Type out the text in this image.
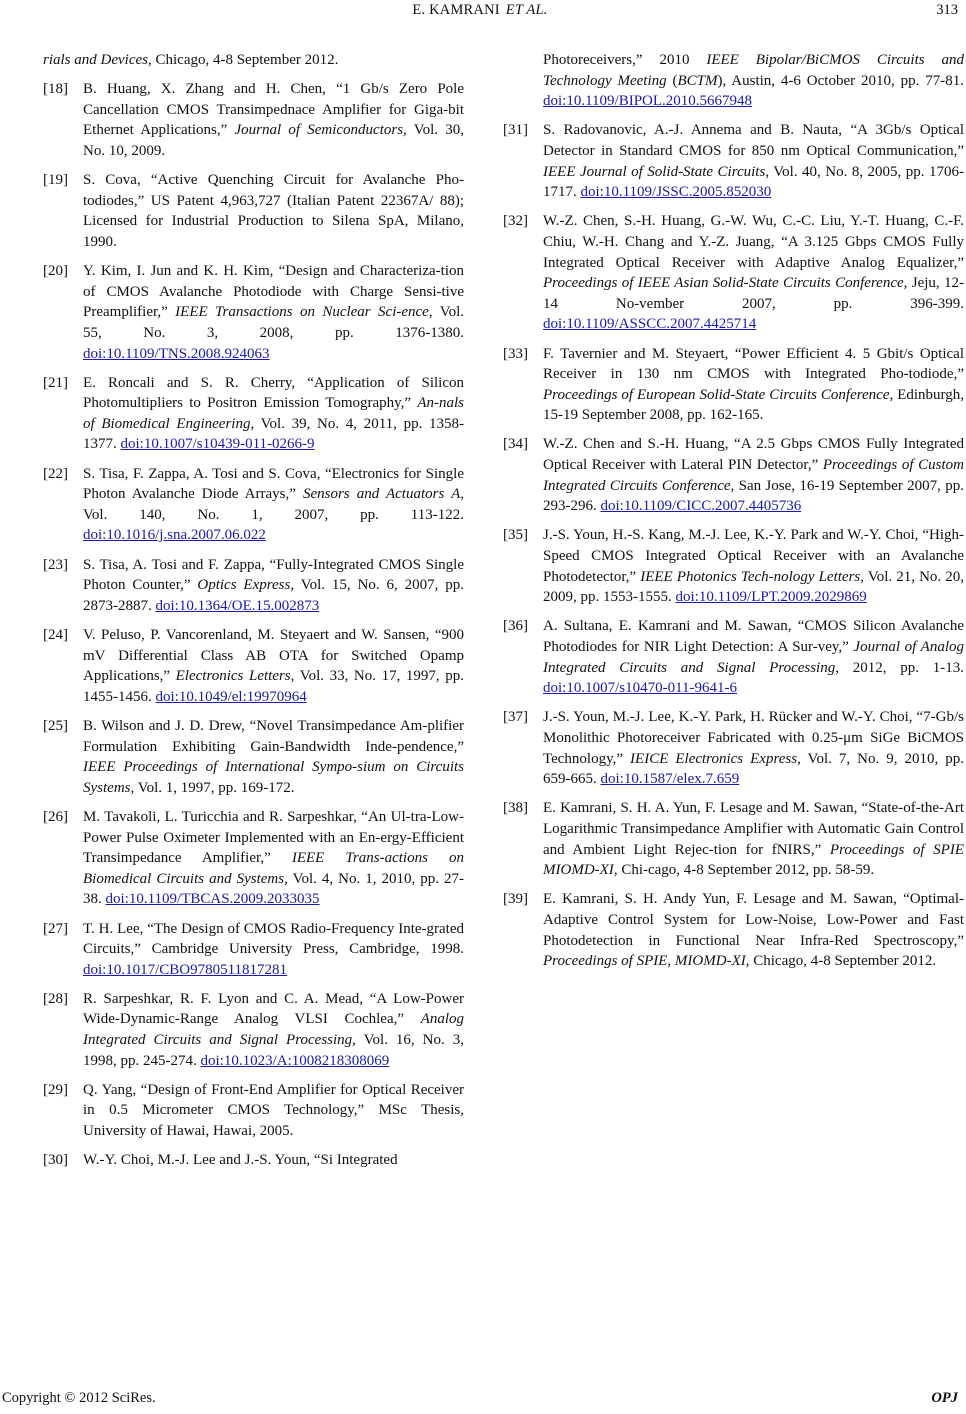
E. KAMRANI ET AL.	313
rials and Devices, Chicago, 4-8 September 2012.
[18]	B. Huang, X. Zhang and H. Chen, “1 Gb/s Zero Pole Cancellation CMOS Transimpednace Amplifier for Giga-bit Ethernet Applications,” Journal of Semiconductors, Vol. 30, No. 10, 2009.
[19]	S. Cova, “Active Quenching Circuit for Avalanche Pho-todiodes,” US Patent 4,963,727 (Italian Patent 22367A/ 88); Licensed for Industrial Production to Silena SpA, Milano, 1990.
[20]	Y. Kim, I. Jun and K. H. Kim, “Design and Characteriza-tion of CMOS Avalanche Photodiode with Charge Sensi-tive Preamplifier,” IEEE Transactions on Nuclear Sci-ence, Vol. 55, No. 3, 2008, pp. 1376-1380. doi:10.1109/TNS.2008.924063
[21]	E. Roncali and S. R. Cherry, “Application of Silicon Photomultipliers to Positron Emission Tomography,” An-nals of Biomedical Engineering, Vol. 39, No. 4, 2011, pp. 1358-1377. doi:10.1007/s10439-011-0266-9
[22]	S. Tisa, F. Zappa, A. Tosi and S. Cova, “Electronics for Single Photon Avalanche Diode Arrays,” Sensors and Actuators A, Vol. 140, No. 1, 2007, pp. 113-122. doi:10.1016/j.sna.2007.06.022
[23]	S. Tisa, A. Tosi and F. Zappa, “Fully-Integrated CMOS Single Photon Counter,” Optics Express, Vol. 15, No. 6, 2007, pp. 2873-2887. doi:10.1364/OE.15.002873
[24]	V. Peluso, P. Vancorenland, M. Steyaert and W. Sansen, “900 mV Differential Class AB OTA for Switched Opamp Applications,” Electronics Letters, Vol. 33, No. 17, 1997, pp. 1455-1456. doi:10.1049/el:19970964
[25]	B. Wilson and J. D. Drew, “Novel Transimpedance Am-plifier Formulation Exhibiting Gain-Bandwidth Inde-pendence,” IEEE Proceedings of International Sympo-sium on Circuits Systems, Vol. 1, 1997, pp. 169-172.
[26]	M. Tavakoli, L. Turicchia and R. Sarpeshkar, “An Ul-tra-Low-Power Pulse Oximeter Implemented with an En-ergy-Efficient Transimpedance Amplifier,” IEEE Trans-actions on Biomedical Circuits and Systems, Vol. 4, No. 1, 2010, pp. 27-38. doi:10.1109/TBCAS.2009.2033035
[27]	T. H. Lee, “The Design of CMOS Radio-Frequency Inte-grated Circuits,” Cambridge University Press, Cambridge, 1998. doi:10.1017/CBO9780511817281
[28]	R. Sarpeshkar, R. F. Lyon and C. A. Mead, “A Low-Power Wide-Dynamic-Range Analog VLSI Cochlea,” Analog Integrated Circuits and Signal Processing, Vol. 16, No. 3, 1998, pp. 245-274. doi:10.1023/A:1008218308069
[29]	Q. Yang, “Design of Front-End Amplifier for Optical Receiver in 0.5 Micrometer CMOS Technology,” MSc Thesis, University of Hawai, Hawai, 2005.
[30]	W.-Y. Choi, M.-J. Lee and J.-S. Youn, “Si Integrated
Photoreceivers,” 2010 IEEE Bipolar/BiCMOS Circuits and Technology Meeting (BCTM), Austin, 4-6 October 2010, pp. 77-81. doi:10.1109/BIPOL.2010.5667948
[31]	S. Radovanovic, A.-J. Annema and B. Nauta, “A 3Gb/s Optical Detector in Standard CMOS for 850 nm Optical Communication,” IEEE Journal of Solid-State Circuits, Vol. 40, No. 8, 2005, pp. 1706-1717. doi:10.1109/JSSC.2005.852030
[32]	W.-Z. Chen, S.-H. Huang, G.-W. Wu, C.-C. Liu, Y.-T. Huang, C.-F. Chiu, W.-H. Chang and Y.-Z. Juang, “A 3.125 Gbps CMOS Fully Integrated Optical Receiver with Adaptive Analog Equalizer,” Proceedings of IEEE Asian Solid-State Circuits Conference, Jeju, 12-14 No-vember 2007, pp. 396-399. doi:10.1109/ASSCC.2007.4425714
[33]	F. Tavernier and M. Steyaert, “Power Efficient 4. 5 Gbit/s Optical Receiver in 130 nm CMOS with Integrated Pho-todiode,” Proceedings of European Solid-State Circuits Conference, Edinburgh, 15-19 September 2008, pp. 162-165.
[34]	W.-Z. Chen and S.-H. Huang, “A 2.5 Gbps CMOS Fully Integrated Optical Receiver with Lateral PIN Detector,” Proceedings of Custom Integrated Circuits Conference, San Jose, 16-19 September 2007, pp. 293-296. doi:10.1109/CICC.2007.4405736
[35]	J.-S. Youn, H.-S. Kang, M.-J. Lee, K.-Y. Park and W.-Y. Choi, “High-Speed CMOS Integrated Optical Receiver with an Avalanche Photodetector,” IEEE Photonics Tech-nology Letters, Vol. 21, No. 20, 2009, pp. 1553-1555. doi:10.1109/LPT.2009.2029869
[36]	A. Sultana, E. Kamrani and M. Sawan, “CMOS Silicon Avalanche Photodiodes for NIR Light Detection: A Sur-vey,” Journal of Analog Integrated Circuits and Signal Processing, 2012, pp. 1-13. doi:10.1007/s10470-011-9641-6
[37]	J.-S. Youn, M.-J. Lee, K.-Y. Park, H. Rücker and W.-Y. Choi, “7-Gb/s Monolithic Photoreceiver Fabricated with 0.25-μm SiGe BiCMOS Technology,” IEICE Electronics Express, Vol. 7, No. 9, 2010, pp. 659-665. doi:10.1587/elex.7.659
[38]	E. Kamrani, S. H. A. Yun, F. Lesage and M. Sawan, “State-of-the-Art Logarithmic Transimpedance Amplifier with Automatic Gain Control and Ambient Light Rejec-tion for fNIRS,” Proceedings of SPIE MIOMD-XI, Chi-cago, 4-8 September 2012, pp. 58-59.
[39]	E. Kamrani, S. H. Andy Yun, F. Lesage and M. Sawan, “Optimal-Adaptive Control System for Low-Noise, Low-Power and Fast Photodetection in Functional Near Infra-Red Spectroscopy,” Proceedings of SPIE, MIOMD-XI, Chicago, 4-8 September 2012.
Copyright © 2012 SciRes.	OPJ
